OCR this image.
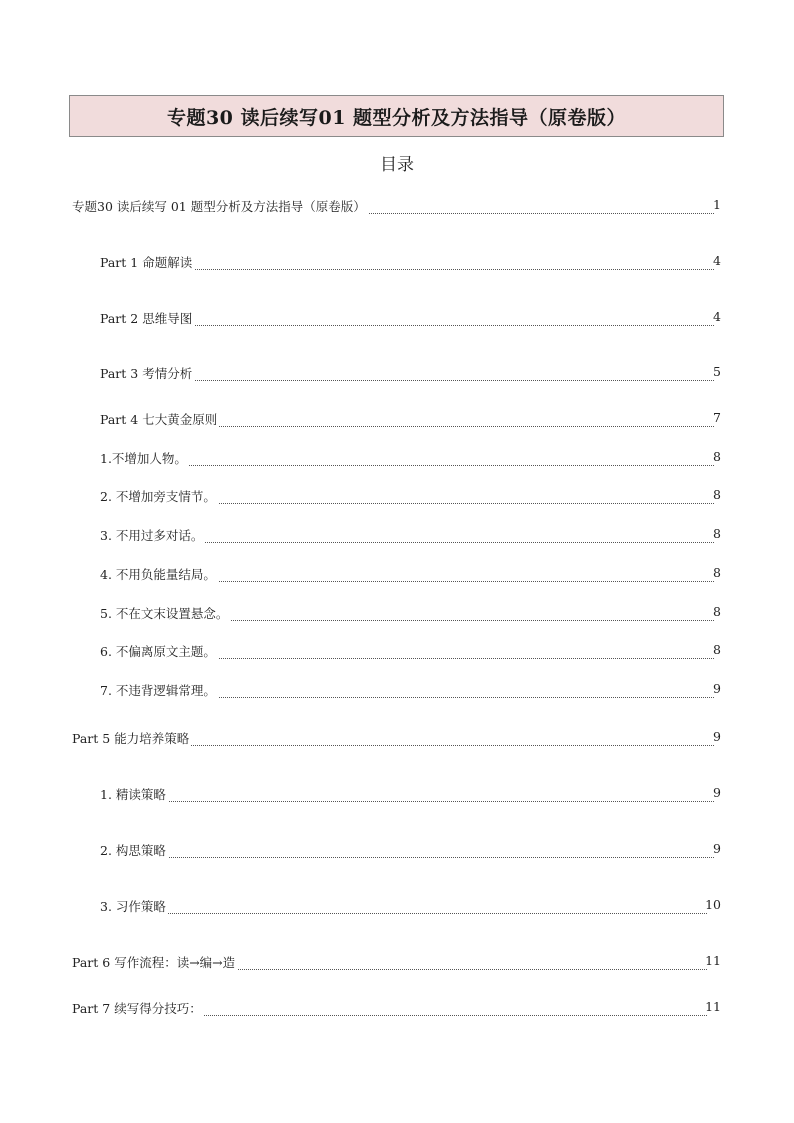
专题30 读后续写01 题型分析及方法指导（原卷版）
目录
专题30 读后续写 01 题型分析及方法指导（原卷版）	1
Part 1 命题解读	4
Part 2 思维导图	4
Part 3 考情分析	5
Part 4 七大黄金原则	7
1.不增加人物。	8
2. 不增加旁支情节。	8
3. 不用过多对话。	8
4. 不用负能量结局。	8
5. 不在文末设置悬念。	8
6. 不偏离原文主题。	8
7. 不违背逻辑常理。	9
Part 5 能力培养策略	9
1. 精读策略	9
2. 构思策略	9
3. 习作策略	10
Part 6 写作流程：读→编→造	11
Part 7 续写得分技巧：	11
